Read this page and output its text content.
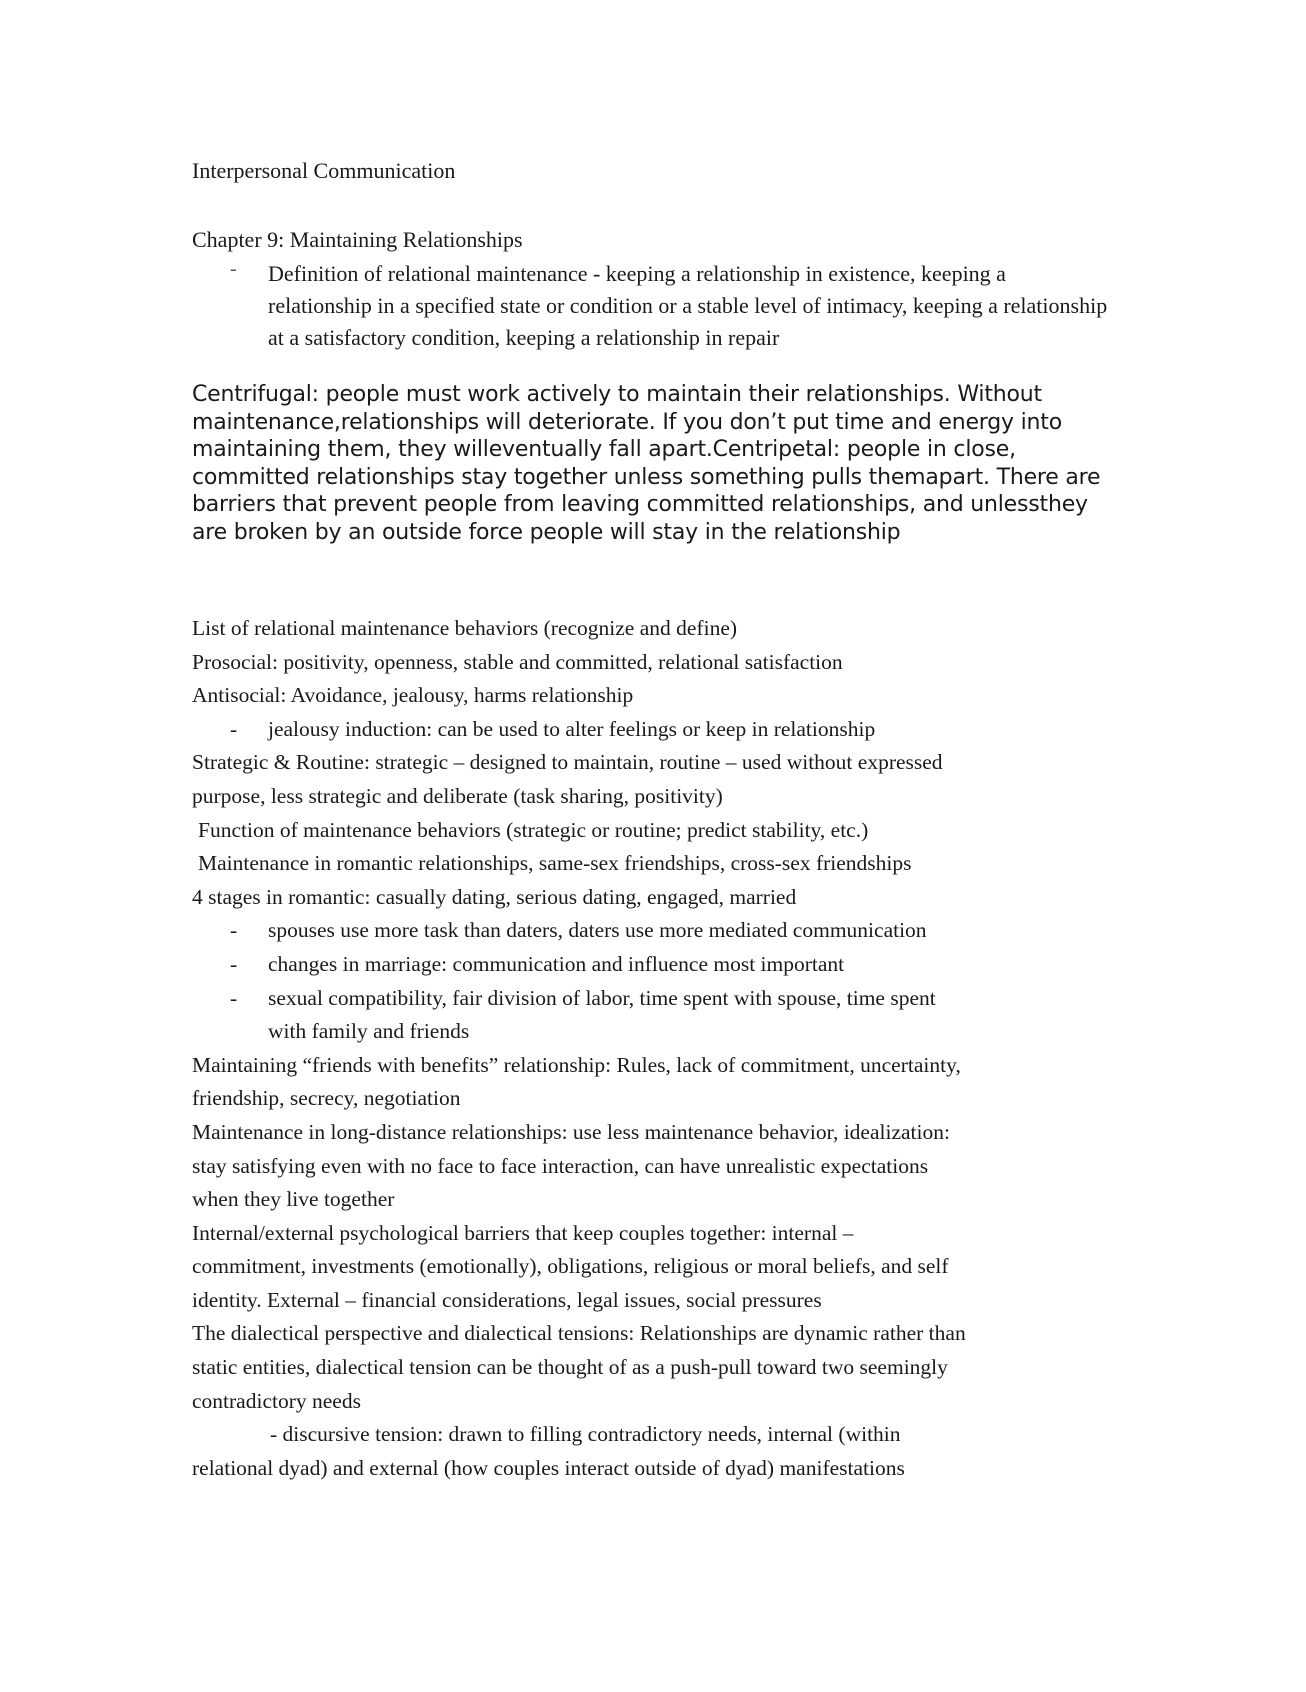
Interpersonal Communication
Chapter 9: Maintaining Relationships
- Definition of relational maintenance - keeping a relationship in existence, keeping a relationship in a specified state or condition or a stable level of intimacy, keeping a relationship at a satisfactory condition, keeping a relationship in repair
Centrifugal: people must work actively to maintain their relationships. Without maintenance,relationships will deteriorate. If you don’t put time and energy into maintaining them, they willeventually fall apart.Centripetal: people in close, committed relationships stay together unless something pulls themapart. There are barriers that prevent people from leaving committed relationships, and unlessthey are broken by an outside force people will stay in the relationship
List of relational maintenance behaviors (recognize and define)
Prosocial: positivity, openness, stable and committed, relational satisfaction
Antisocial: Avoidance, jealousy, harms relationship
- jealousy induction: can be used to alter feelings or keep in relationship
Strategic & Routine: strategic – designed to maintain, routine – used without expressed
purpose, less strategic and deliberate (task sharing, positivity)
Function of maintenance behaviors (strategic or routine; predict stability, etc.)
Maintenance in romantic relationships, same-sex friendships, cross-sex friendships
4 stages in romantic: casually dating, serious dating, engaged, married
- spouses use more task than daters, daters use more mediated communication
- changes in marriage: communication and influence most important
- sexual compatibility, fair division of labor, time spent with spouse, time spent
with family and friends
Maintaining “friends with benefits” relationship: Rules, lack of commitment, uncertainty,
friendship, secrecy, negotiation
Maintenance in long-distance relationships: use less maintenance behavior, idealization:
stay satisfying even with no face to face interaction, can have unrealistic expectations
when they live together
Internal/external psychological barriers that keep couples together: internal –
commitment, investments (emotionally), obligations, religious or moral beliefs, and self
identity. External – financial considerations, legal issues, social pressures
The dialectical perspective and dialectical tensions: Relationships are dynamic rather than
static entities, dialectical tension can be thought of as a push-pull toward two seemingly
contradictory needs
- discursive tension: drawn to filling contradictory needs, internal (within
relational dyad) and external (how couples interact outside of dyad) manifestations
